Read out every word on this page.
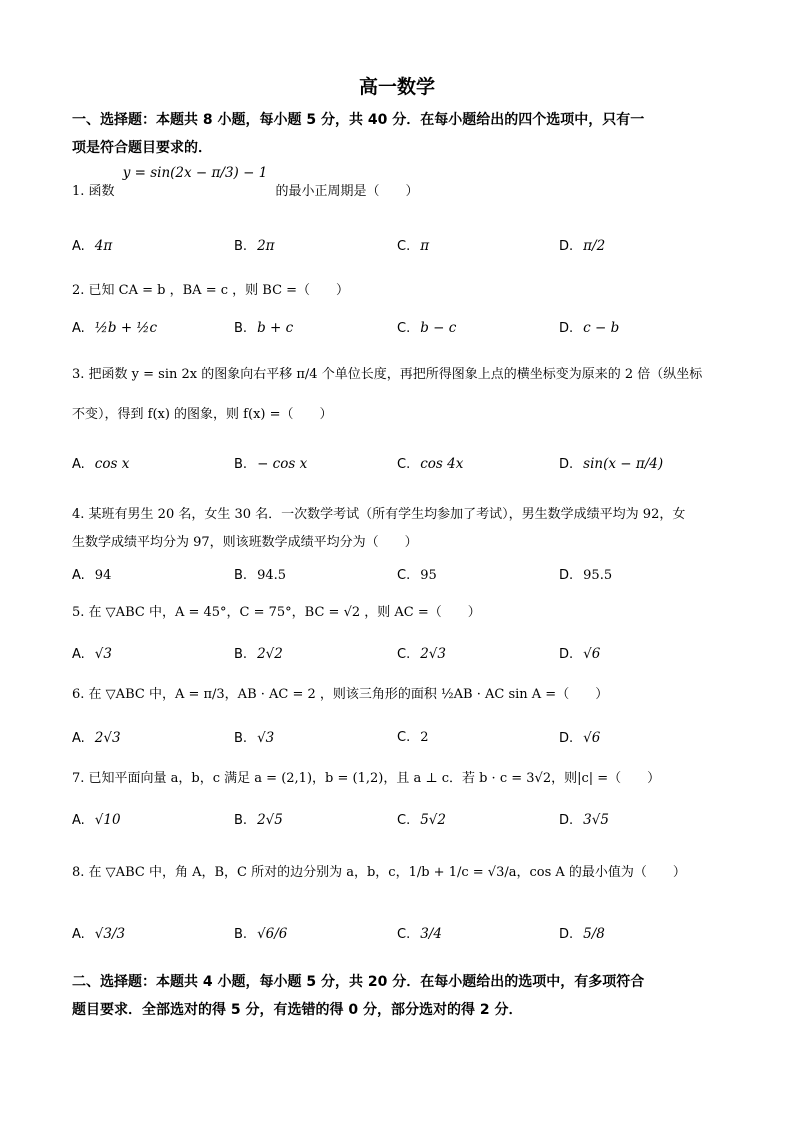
高一数学
一、选择题：本题共 8 小题，每小题 5 分，共 40 分．在每小题给出的四个选项中，只有一
项是符合题目要求的．
1. 函数 y = sin(2x − π/3) − 1 的最小正周期是（　　）
A. 4π	B. 2π	C. π	D. π/2
2. 已知 CA = b ，BA = c ，则 BC =（　　）
A. ½b + ½c	B. b + c	C. b − c	D. c − b
3. 把函数 y = sin 2x 的图象向右平移 π/4 个单位长度，再把所得图象上点的横坐标变为原来的 2 倍（纵坐标
不变），得到 f(x) 的图象，则 f(x) =（　　）
A. cos x	B. − cos x	C. cos 4x	D. sin(x − π/4)
4. 某班有男生 20 名，女生 30 名．一次数学考试（所有学生均参加了考试），男生数学成绩平均为 92，女
生数学成绩平均分为 97，则该班数学成绩平均分为（　　）
A. 94	B. 94.5	C. 95	D. 95.5
5. 在 ▽ABC 中，A = 45°，C = 75°，BC = √2 ，则 AC =（　　）
A. √3	B. 2√2	C. 2√3	D. √6
6. 在 ▽ABC 中，A = π/3，AB · AC = 2 ，则该三角形的面积 ½AB · AC sin A =（　　）
A. 2√3	B. √3	C. 2	D. √6
7. 已知平面向量 a，b，c 满足 a = (2,1)，b = (1,2)，且 a ⊥ c．若 b · c = 3√2，则|c| =（　　）
A. √10	B. 2√5	C. 5√2	D. 3√5
8. 在 ▽ABC 中，角 A，B，C 所对的边分别为 a，b，c，1/b + 1/c = √3/a，cos A 的最小值为（　　）
A. √3/3	B. √6/6	C. 3/4	D. 5/8
二、选择题：本题共 4 小题，每小题 5 分，共 20 分．在每小题给出的选项中，有多项符合
题目要求．全部选对的得 5 分，有选错的得 0 分，部分选对的得 2 分．
